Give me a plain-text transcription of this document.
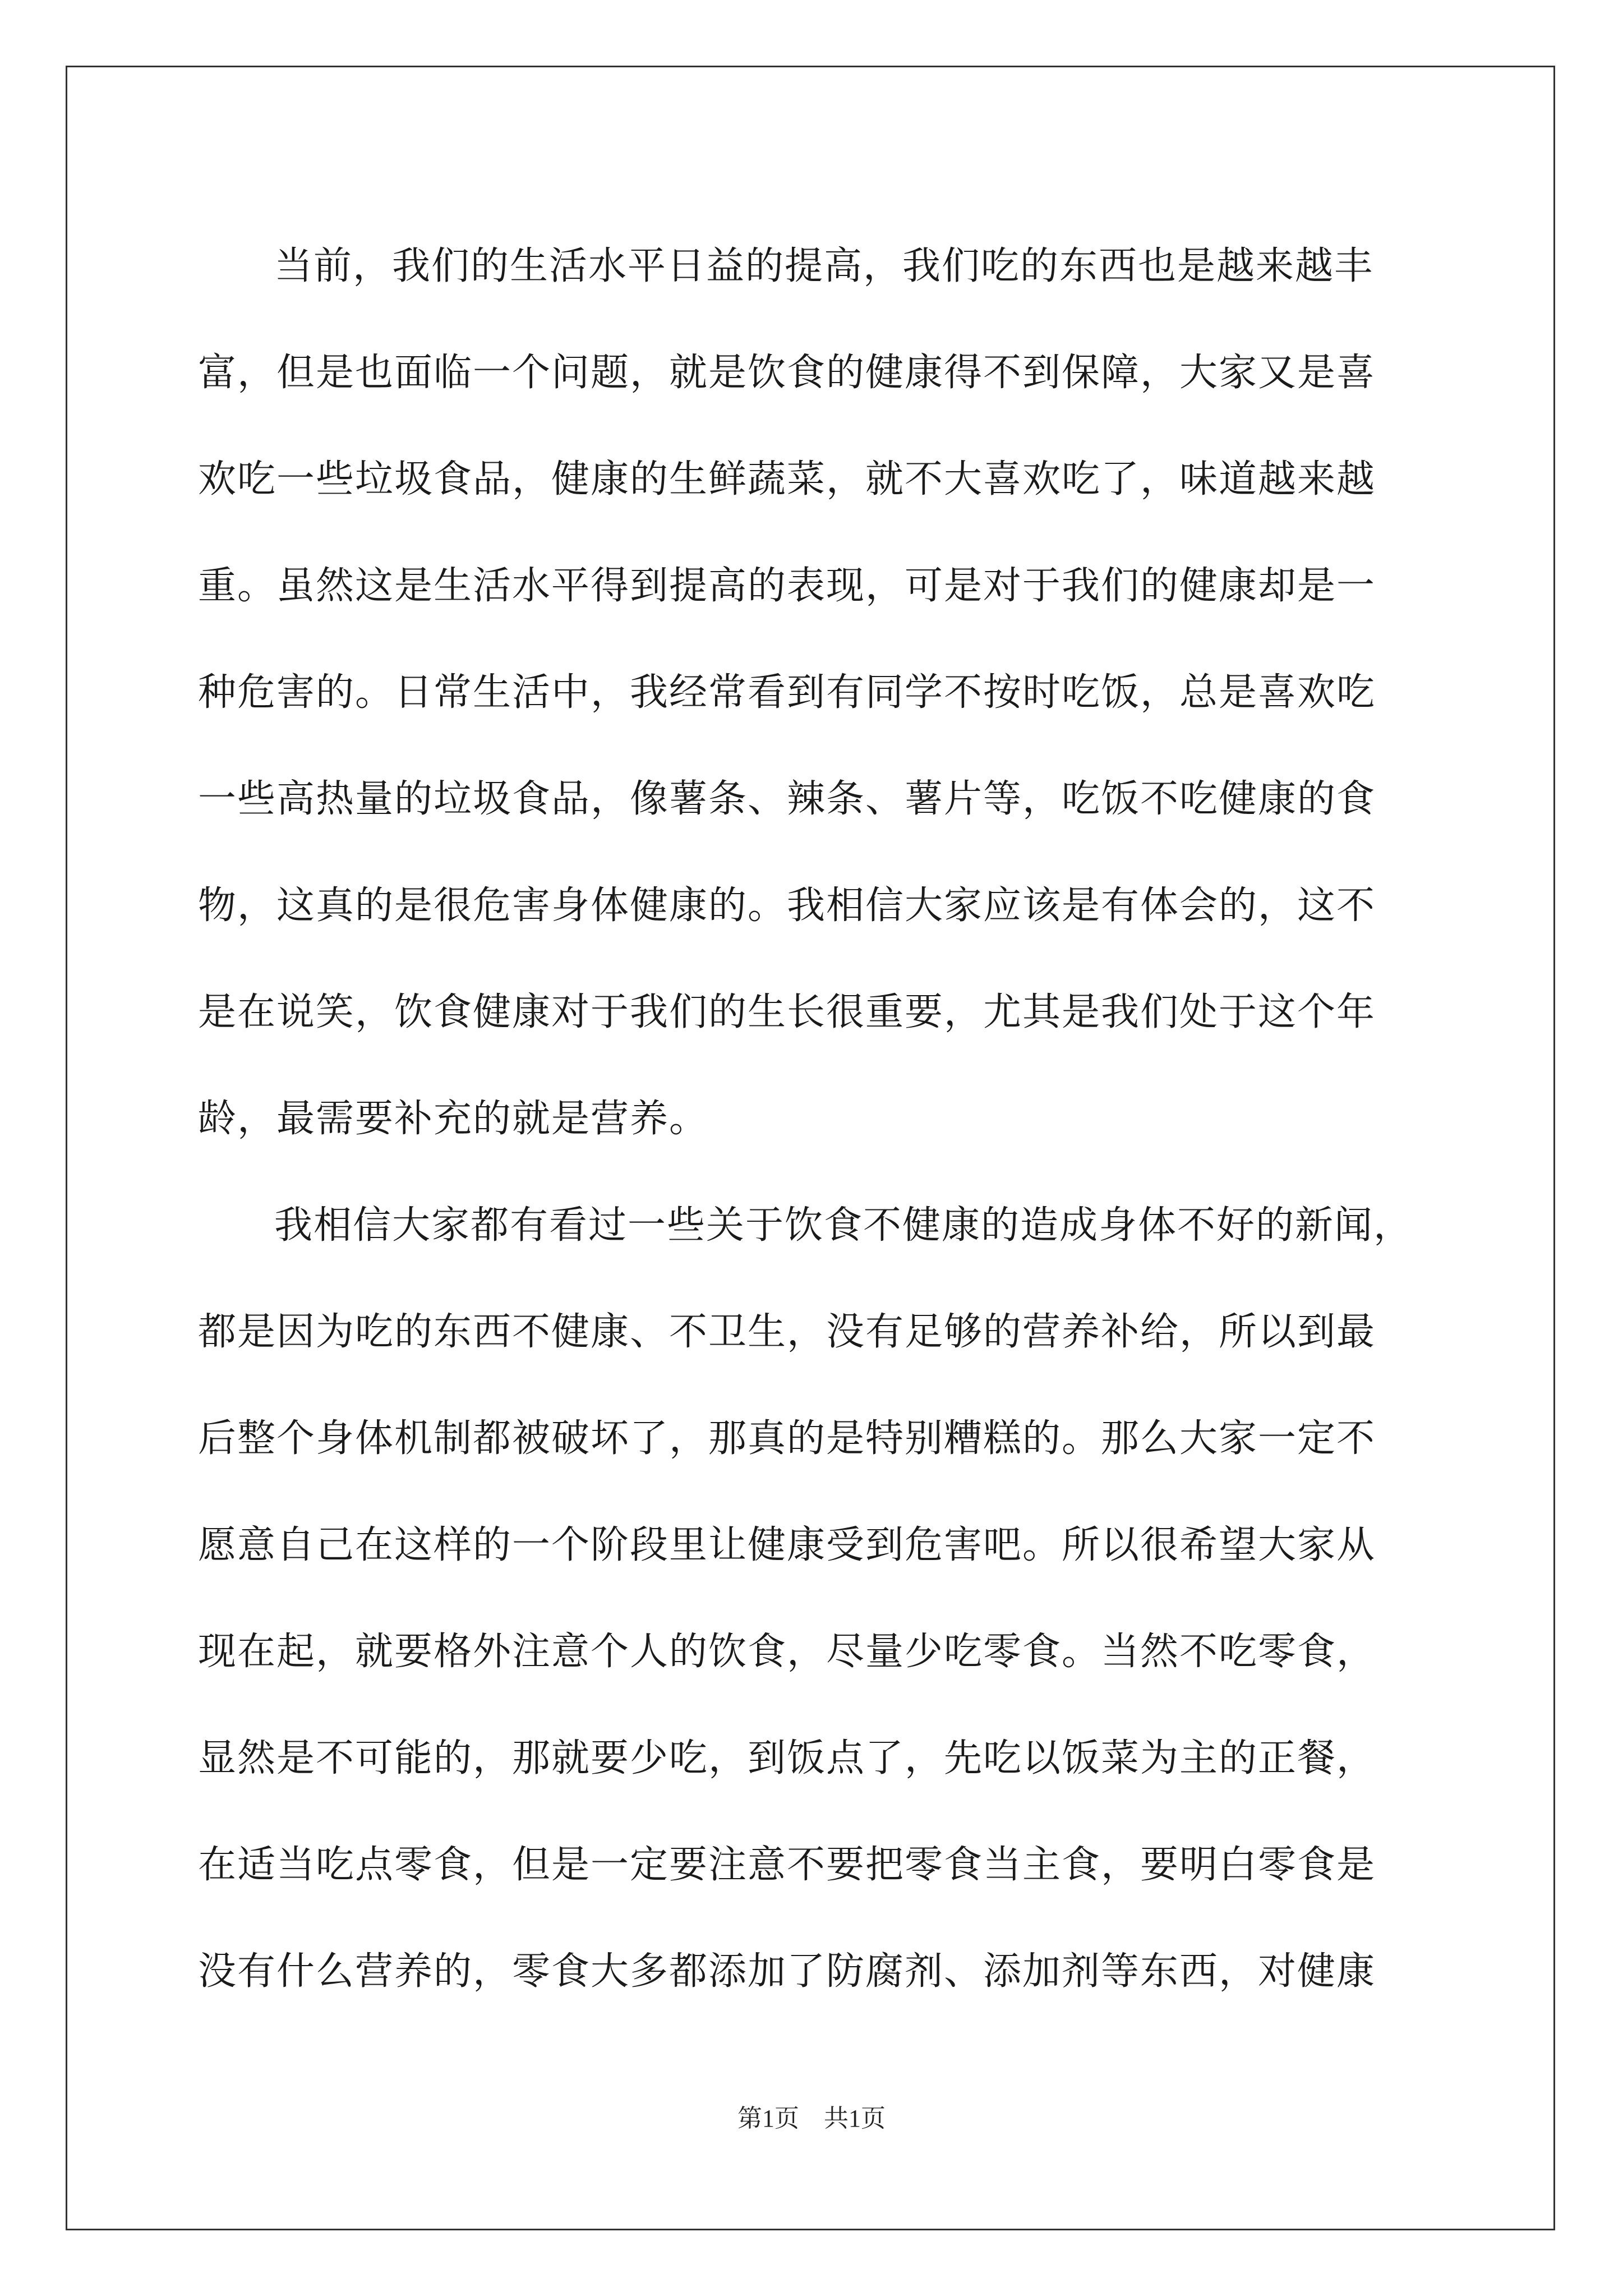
当前，我们的生活水平日益的提高，我们吃的东西也是越来越丰
富，但是也面临一个问题，就是饮食的健康得不到保障，大家又是喜
欢吃一些垃圾食品，健康的生鲜蔬菜，就不大喜欢吃了，味道越来越
重。虽然这是生活水平得到提高的表现，可是对于我们的健康却是一
种危害的。日常生活中，我经常看到有同学不按时吃饭，总是喜欢吃
一些高热量的垃圾食品，像薯条、辣条、薯片等，吃饭不吃健康的食
物，这真的是很危害身体健康的。我相信大家应该是有体会的，这不
是在说笑，饮食健康对于我们的生长很重要，尤其是我们处于这个年
龄，最需要补充的就是营养。
我相信大家都有看过一些关于饮食不健康的造成身体不好的新闻，
都是因为吃的东西不健康、不卫生，没有足够的营养补给，所以到最
后整个身体机制都被破坏了，那真的是特别糟糕的。那么大家一定不
愿意自己在这样的一个阶段里让健康受到危害吧。所以很希望大家从
现在起，就要格外注意个人的饮食，尽量少吃零食。当然不吃零食，
显然是不可能的，那就要少吃，到饭点了，先吃以饭菜为主的正餐，
在适当吃点零食，但是一定要注意不要把零食当主食，要明白零食是
没有什么营养的，零食大多都添加了防腐剂、添加剂等东西，对健康
第1页    共1页
